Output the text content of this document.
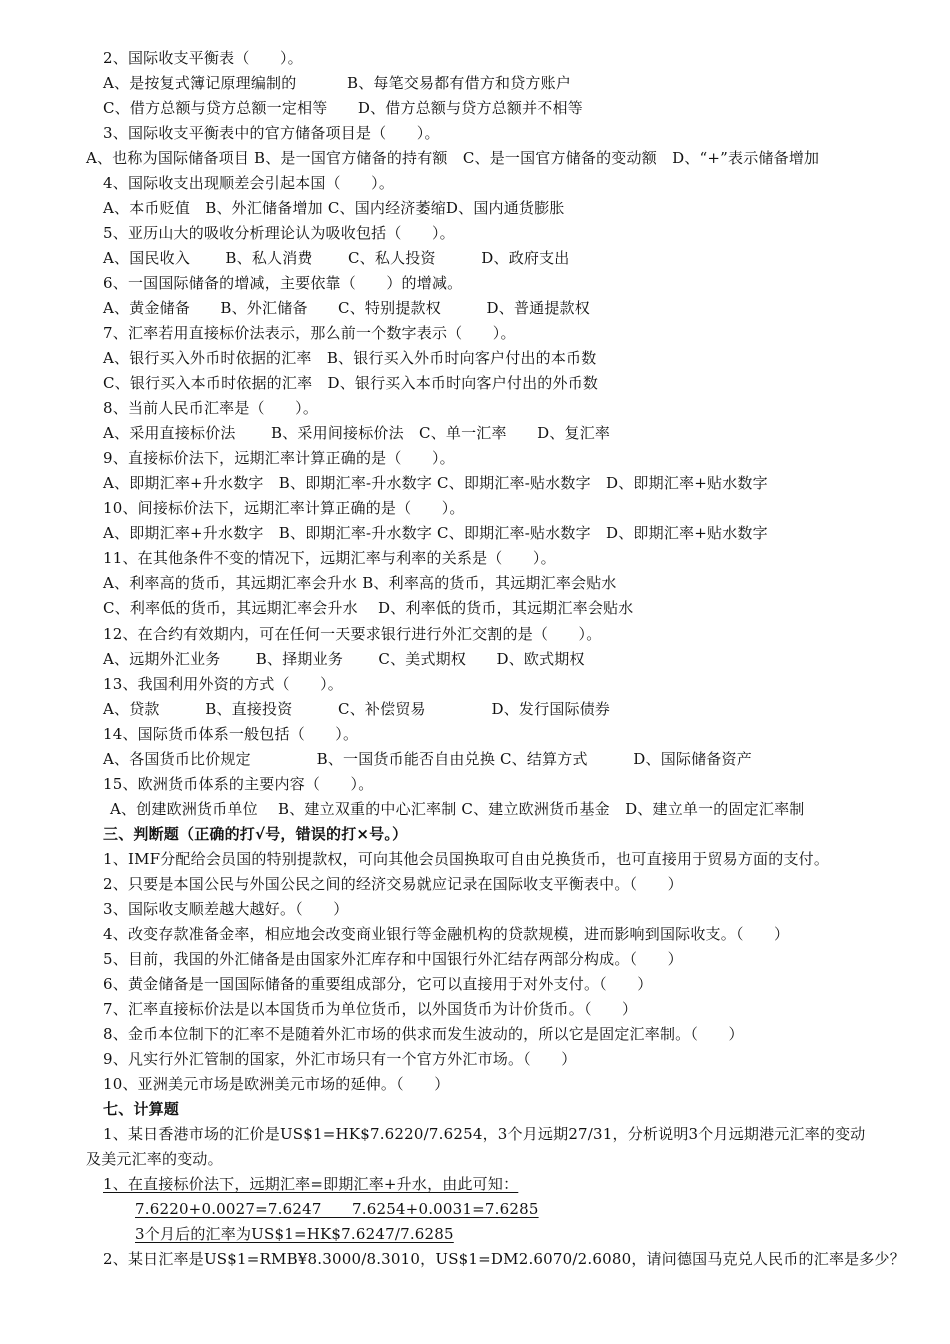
2、国际收支平衡表（　　）。
A、是按复式簿记原理编制的　　　 B、每笔交易都有借方和贷方账户
C、借方总额与贷方总额一定相等　　D、借方总额与贷方总额并不相等
3、国际收支平衡表中的官方储备项目是（　　）。
A、也称为国际储备项目 B、是一国官方储备的持有额　C、是一国官方储备的变动额　D、“+”表示储备增加
4、国际收支出现顺差会引起本国（　　）。
A、本币贬值　B、外汇储备增加 C、国内经济萎缩D、国内通货膨胀
5、亚历山大的吸收分析理论认为吸收包括（　　）。
A、国民收入　　 B、私人消费　　 C、私人投资　　　D、政府支出
6、一国国际储备的增减，主要依靠（　　）的增减。
A、黄金储备　　B、外汇储备　　C、特别提款权　　　D、普通提款权
7、汇率若用直接标价法表示，那么前一个数字表示（　　）。
A、银行买入外币时依据的汇率　B、银行买入外币时向客户付出的本币数
C、银行买入本币时依据的汇率　D、银行买入本币时向客户付出的外币数
8、当前人民币汇率是（　　）。
A、采用直接标价法　　 B、采用间接标价法　C、单一汇率　　D、复汇率
9、直接标价法下，远期汇率计算正确的是（　　）。
A、即期汇率+升水数字　B、即期汇率-升水数字 C、即期汇率-贴水数字　D、即期汇率+贴水数字
10、间接标价法下，远期汇率计算正确的是（　　）。
A、即期汇率+升水数字　B、即期汇率-升水数字 C、即期汇率-贴水数字　D、即期汇率+贴水数字
11、在其他条件不变的情况下，远期汇率与利率的关系是（　　）。
A、利率高的货币，其远期汇率会升水 B、利率高的货币，其远期汇率会贴水
C、利率低的货币，其远期汇率会升水　 D、利率低的货币，其远期汇率会贴水
12、在合约有效期内，可在任何一天要求银行进行外汇交割的是（　　）。
A、远期外汇业务　　 B、择期业务　　 C、美式期权　　D、欧式期权
13、我国利用外资的方式（　　）。
A、贷款　　　B、直接投资　　　C、补偿贸易　　　　 D、发行国际债券
14、国际货币体系一般包括（　　）。
A、各国货币比价规定　　　　 B、一国货币能否自由兑换 C、结算方式　　　D、国际储备资产
15、欧洲货币体系的主要内容（　　）。
A、创建欧洲货币单位　 B、建立双重的中心汇率制 C、建立欧洲货币基金　D、建立单一的固定汇率制
三、判断题（正确的打√号，错误的打×号。）
1、IMF分配给会员国的特别提款权，可向其他会员国换取可自由兑换货币，也可直接用于贸易方面的支付。
2、只要是本国公民与外国公民之间的经济交易就应记录在国际收支平衡表中。（　　）
3、国际收支顺差越大越好。（　　）
4、改变存款准备金率，相应地会改变商业银行等金融机构的贷款规模，进而影响到国际收支。（　　）
5、目前，我国的外汇储备是由国家外汇库存和中国银行外汇结存两部分构成。（　　）
6、黄金储备是一国国际储备的重要组成部分，它可以直接用于对外支付。（　　）
7、汇率直接标价法是以本国货币为单位货币，以外国货币为计价货币。（　　）
8、金币本位制下的汇率不是随着外汇市场的供求而发生波动的，所以它是固定汇率制。（　　）
9、凡实行外汇管制的国家，外汇市场只有一个官方外汇市场。（　　）
10、亚洲美元市场是欧洲美元市场的延伸。（　　）
七、计算题
1、某日香港市场的汇价是US$1=HK$7.6220/7.6254，3个月远期27/31，分析说明3个月远期港元汇率的变动
及美元汇率的变动。
1、在直接标价法下，远期汇率=即期汇率+升水，由此可知：
7.6220+0.0027=7.6247　　7.6254+0.0031=7.6285
3个月后的汇率为US$1=HK$7.6247/7.6285
2、某日汇率是US$1=RMB¥8.3000/8.3010，US$1=DM2.6070/2.6080，请问德国马克兑人民币的汇率是多少？
